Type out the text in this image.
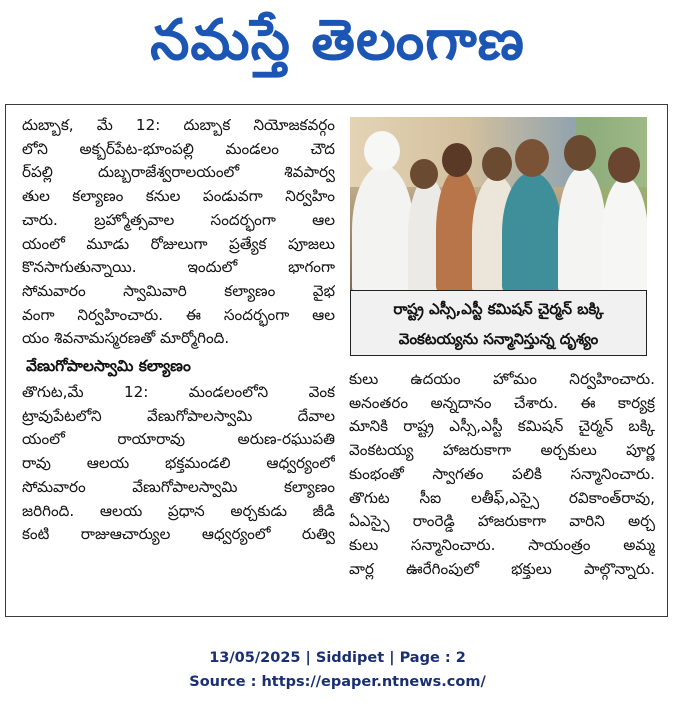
నమస్తే తెలంగాణ
దుబ్బాక, మే 12: దుబ్బాక నియోజకవర్గం
లోని అక్బర్‌పేట-భూంపల్లి మండలం చౌద
ర్‌పల్లి దుబ్బరాజేశ్వరాలయంలో శివపార్వ
తుల కల్యాణం కనుల పండువగా నిర్వహిం
చారు. బ్రహ్మోత్సవాల సందర్భంగా ఆల
యంలో మూడు రోజులుగా ప్రత్యేక పూజలు
కొనసాగుతున్నాయి. ఇందులో భాగంగా
సోమవారం స్వామివారి కల్యాణం వైభ
వంగా నిర్వహించారు. ఈ సందర్భంగా ఆల
యం శివనామస్మరణతో మార్మోగింది.
వేణుగోపాలస్వామి కల్యాణం
తొగుట,మే 12: మండలంలోని వెంక
ట్రావుపేటలోని వేణుగోపాలస్వామి దేవాల
యంలో రాయారావు అరుణ-రఘుపతి
రావు ఆలయ భక్తమండలి ఆధ్వర్యంలో
సోమవారం వేణుగోపాలస్వామి కల్యాణం
జరిగింది. ఆలయ ప్రధాన అర్చకుడు జీడి
కంటి రాజుఆచార్యుల ఆధ్వర్యంలో రుత్వి
రాష్ట్ర ఎస్సీ,ఎస్టీ కమిషన్ చైర్మన్ బక్కి
వెంకటయ్యను సన్మానిస్తున్న దృశ్యం
కులు ఉదయం హోమం నిర్వహించారు.
అనంతరం అన్నదానం చేశారు. ఈ కార్యక్ర
మానికి రాష్ట్ర ఎస్సీ,ఎస్టీ కమిషన్ చైర్మన్ బక్కి
వెంకటయ్య హాజరుకాగా అర్చకులు పూర్ణ
కుంభంతో స్వాగతం పలికి సన్మానించారు.
తొగుట సీఐ లతీఫ్,ఎస్సై రవికాంత్‌రావు,
ఏఎస్సై రాంరెడ్డి హాజరుకాగా వారిని అర్చ
కులు సన్మానించారు. సాయంత్రం అమ్మ
వార్ల ఊరేగింపులో భక్తులు పాల్గొన్నారు.
13/05/2025 | Siddipet | Page : 2
Source : https://epaper.ntnews.com/
